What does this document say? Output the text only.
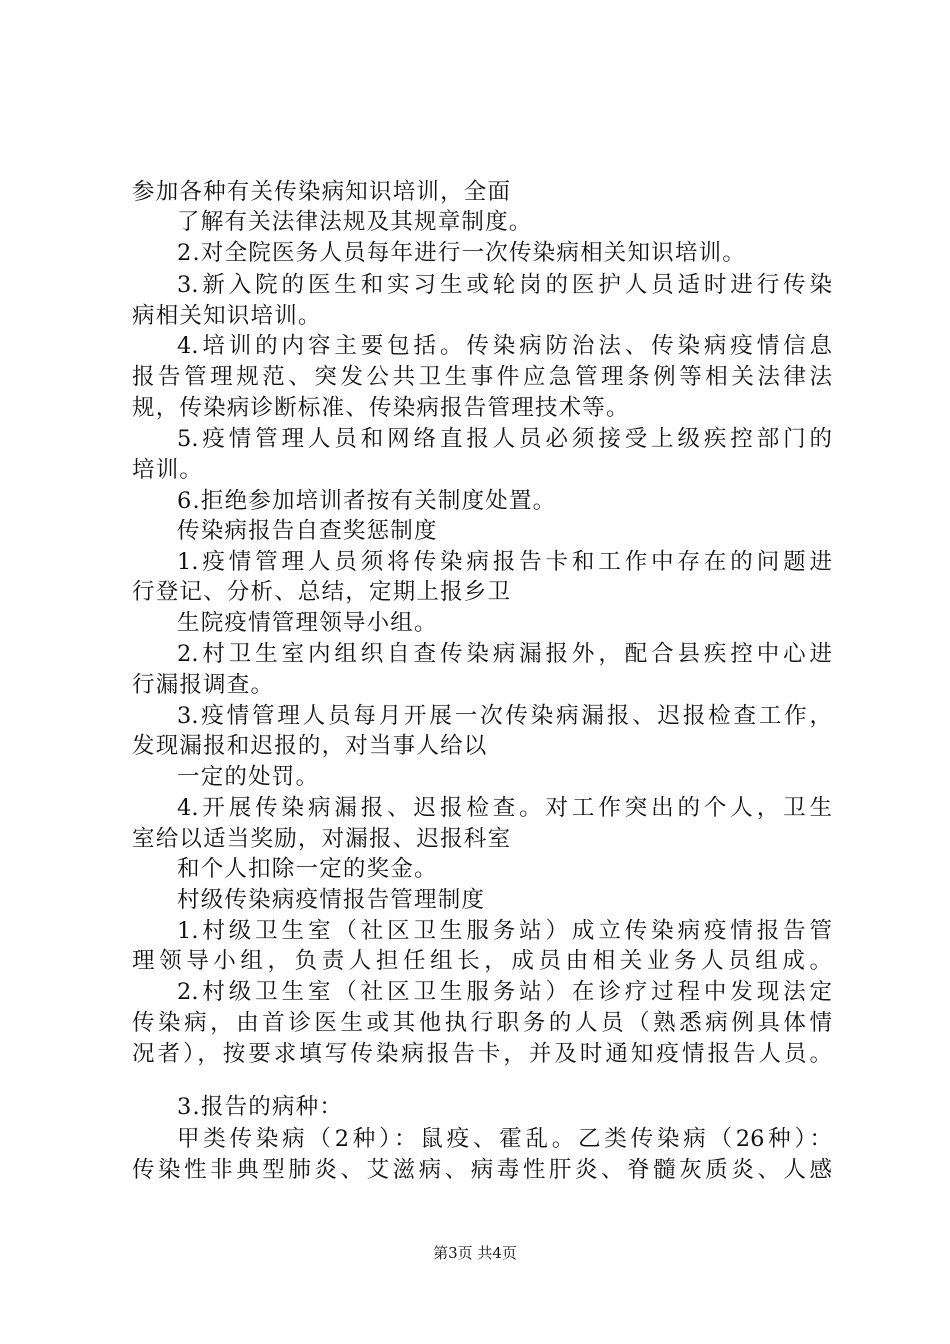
参加各种有关传染病知识培训，全面
了解有关法律法规及其规章制度。
2.对全院医务人员每年进行一次传染病相关知识培训。
3.新入院的医生和实习生或轮岗的医护人员适时进行传染
病相关知识培训。
4.培训的内容主要包括。传染病防治法、传染病疫情信息
报告管理规范、突发公共卫生事件应急管理条例等相关法律法
规，传染病诊断标准、传染病报告管理技术等。
5.疫情管理人员和网络直报人员必须接受上级疾控部门的
培训。
6.拒绝参加培训者按有关制度处置。
传染病报告自查奖惩制度
1.疫情管理人员须将传染病报告卡和工作中存在的问题进
行登记、分析、总结，定期上报乡卫
生院疫情管理领导小组。
2.村卫生室内组织自查传染病漏报外，配合县疾控中心进
行漏报调查。
3.疫情管理人员每月开展一次传染病漏报、迟报检查工作，
发现漏报和迟报的，对当事人给以
一定的处罚。
4.开展传染病漏报、迟报检查。对工作突出的个人，卫生
室给以适当奖励，对漏报、迟报科室
和个人扣除一定的奖金。
村级传染病疫情报告管理制度
1.村级卫生室（社区卫生服务站）成立传染病疫情报告管
理领导小组，负责人担任组长，成员由相关业务人员组成。
2.村级卫生室（社区卫生服务站）在诊疗过程中发现法定
传染病，由首诊医生或其他执行职务的人员（熟悉病例具体情
况者），按要求填写传染病报告卡，并及时通知疫情报告人员。
3.报告的病种：
甲类传染病（2种）：鼠疫、霍乱。乙类传染病（26种）：
传染性非典型肺炎、艾滋病、病毒性肝炎、脊髓灰质炎、人感
第3页 共4页
